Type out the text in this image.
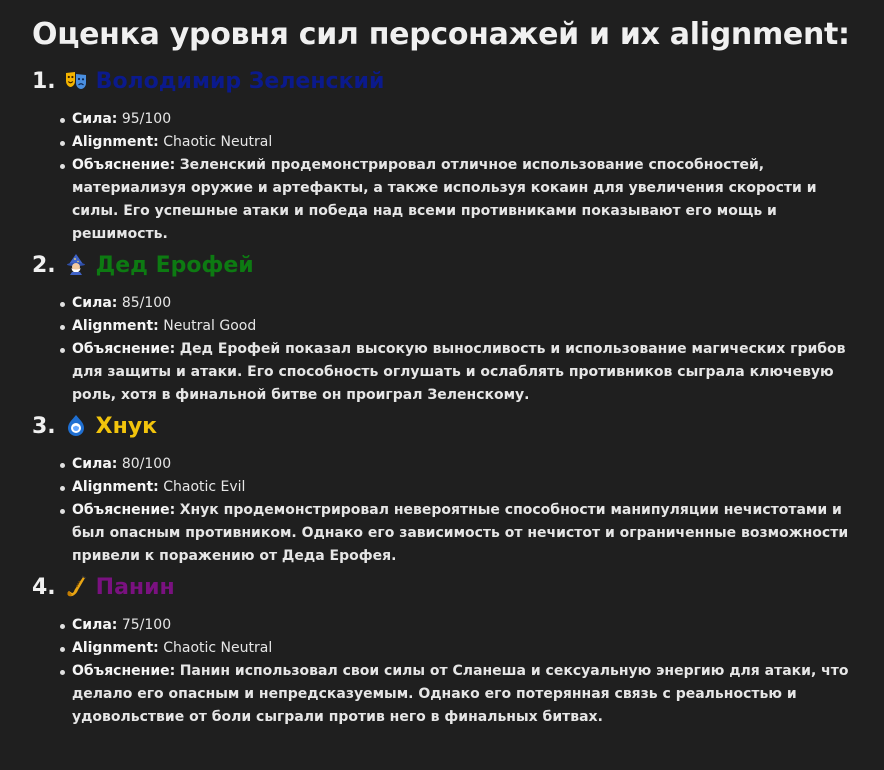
Оценка уровня сил персонажей и их alignment:
1. Володимир Зеленский
Сила: 95/100
Alignment: Chaotic Neutral
Объяснение: Зеленский продемонстрировал отличное использование способностей, материализуя оружие и артефакты, а также используя кокаин для увеличения скорости и силы. Его успешные атаки и победа над всеми противниками показывают его мощь и решимость.
2. Дед Ерофей
Сила: 85/100
Alignment: Neutral Good
Объяснение: Дед Ерофей показал высокую выносливость и использование магических грибов для защиты и атаки. Его способность оглушать и ослаблять противников сыграла ключевую роль, хотя в финальной битве он проиграл Зеленскому.
3. Хнук
Сила: 80/100
Alignment: Chaotic Evil
Объяснение: Хнук продемонстрировал невероятные способности манипуляции нечистотами и был опасным противником. Однако его зависимость от нечистот и ограниченные возможности привели к поражению от Деда Ерофея.
4. Панин
Сила: 75/100
Alignment: Chaotic Neutral
Объяснение: Панин использовал свои силы от Сланеша и сексуальную энергию для атаки, что делало его опасным и непредсказуемым. Однако его потерянная связь с реальностью и удовольствие от боли сыграли против него в финальных битвах.
